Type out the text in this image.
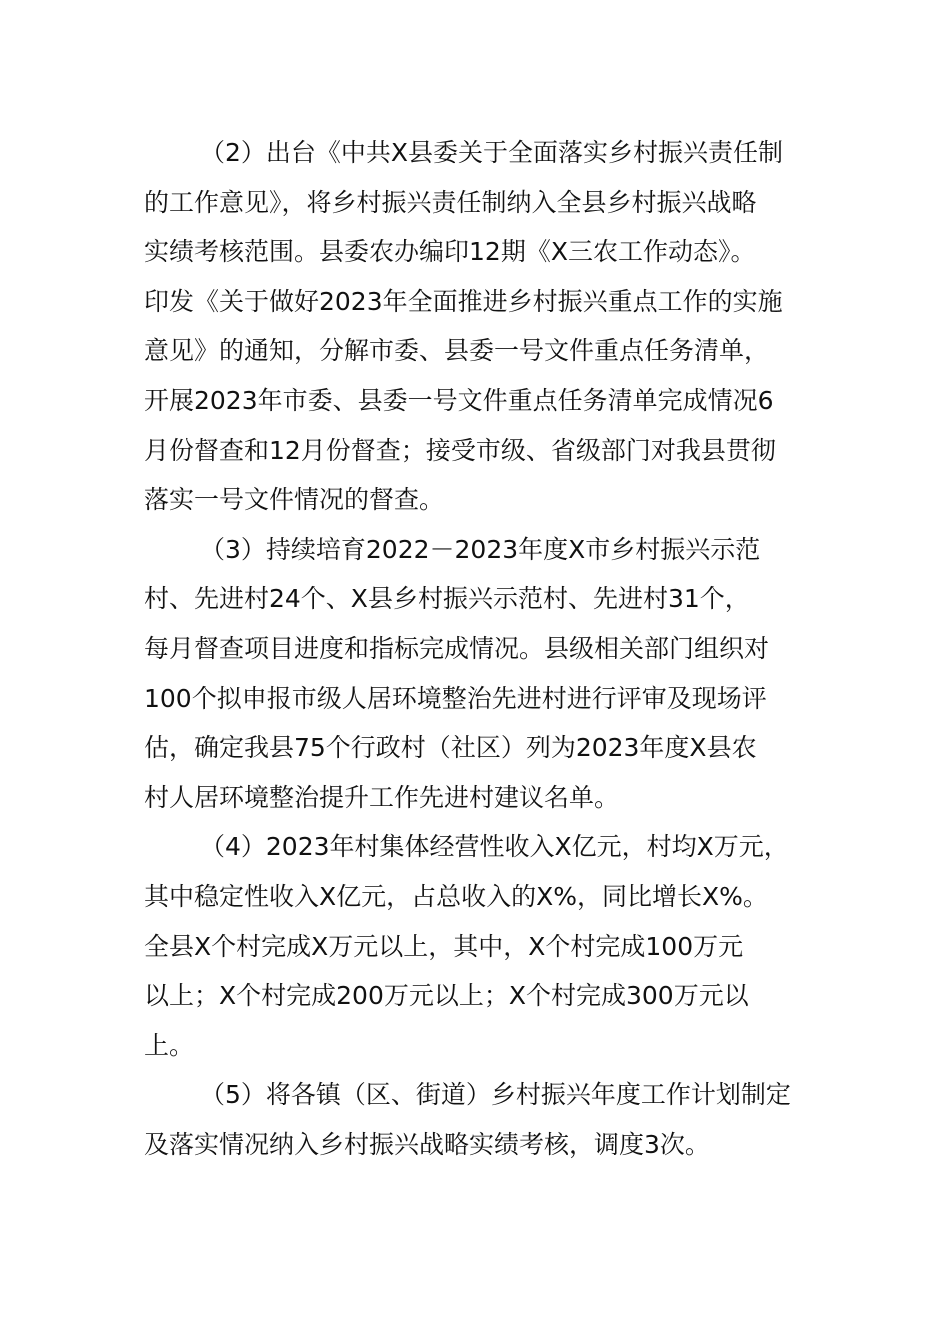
（2）出台《中共X县委关于全面落实乡村振兴责任制
的工作意见》，将乡村振兴责任制纳入全县乡村振兴战略
实绩考核范围。县委农办编印12期《X三农工作动态》。
印发《关于做好2023年全面推进乡村振兴重点工作的实施
意见》的通知，分解市委、县委一号文件重点任务清单，
开展2023年市委、县委一号文件重点任务清单完成情况6
月份督查和12月份督查；接受市级、省级部门对我县贯彻
落实一号文件情况的督查。
（3）持续培育2022－2023年度X市乡村振兴示范
村、先进村24个、X县乡村振兴示范村、先进村31个，
每月督查项目进度和指标完成情况。县级相关部门组织对
100个拟申报市级人居环境整治先进村进行评审及现场评
估，确定我县75个行政村（社区）列为2023年度X县农
村人居环境整治提升工作先进村建议名单。
（4）2023年村集体经营性收入X亿元，村均X万元，
其中稳定性收入X亿元，占总收入的X%，同比增长X%。
全县X个村完成X万元以上，其中，X个村完成100万元
以上；X个村完成200万元以上；X个村完成300万元以
上。
（5）将各镇（区、街道）乡村振兴年度工作计划制定
及落实情况纳入乡村振兴战略实绩考核，调度3次。
